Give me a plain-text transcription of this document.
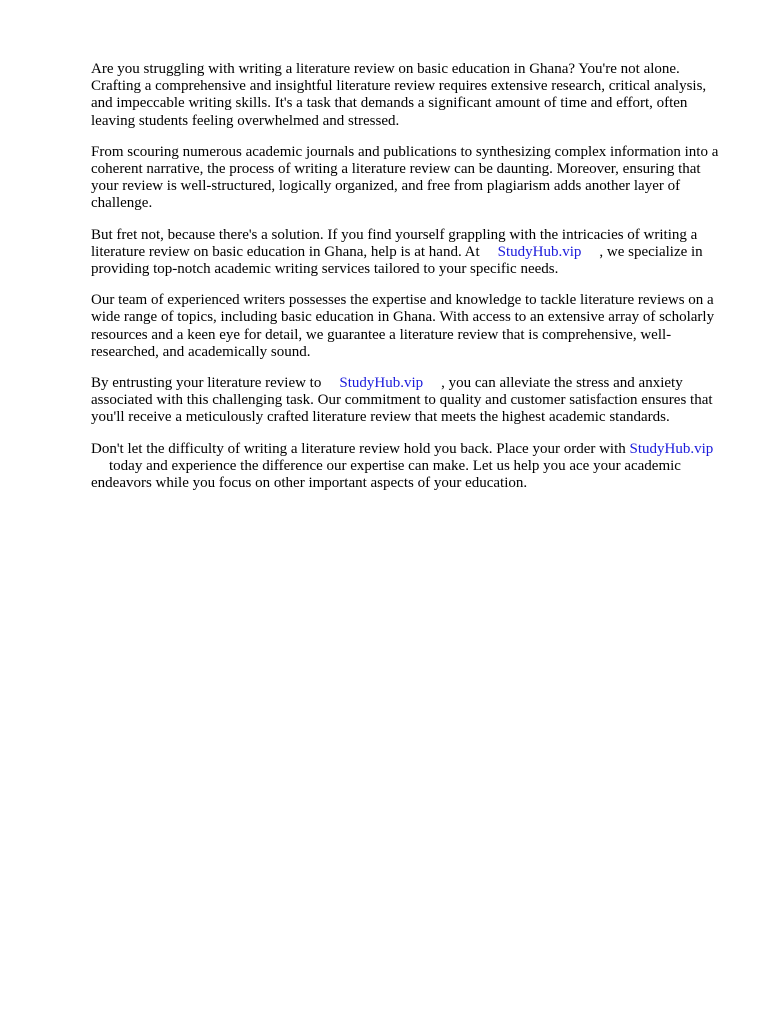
Are you struggling with writing a literature review on basic education in Ghana? You're not alone. Crafting a comprehensive and insightful literature review requires extensive research, critical analysis, and impeccable writing skills. It's a task that demands a significant amount of time and effort, often leaving students feeling overwhelmed and stressed.

From scouring numerous academic journals and publications to synthesizing complex information into a coherent narrative, the process of writing a literature review can be daunting. Moreover, ensuring that your review is well-structured, logically organized, and free from plagiarism adds another layer of challenge.

But fret not, because there's a solution. If you find yourself grappling with the intricacies of writing a literature review on basic education in Ghana, help is at hand. At StudyHub.vip , we specialize in providing top-notch academic writing services tailored to your specific needs.

Our team of experienced writers possesses the expertise and knowledge to tackle literature reviews on a wide range of topics, including basic education in Ghana. With access to an extensive array of scholarly resources and a keen eye for detail, we guarantee a literature review that is comprehensive, well-researched, and academically sound.

By entrusting your literature review to StudyHub.vip , you can alleviate the stress and anxiety associated with this challenging task. Our commitment to quality and customer satisfaction ensures that you'll receive a meticulously crafted literature review that meets the highest academic standards.

Don't let the difficulty of writing a literature review hold you back. Place your order with StudyHub.viptoday and experience the difference our expertise can make. Let us help you ace your academic endeavors while you focus on other important aspects of your education.
